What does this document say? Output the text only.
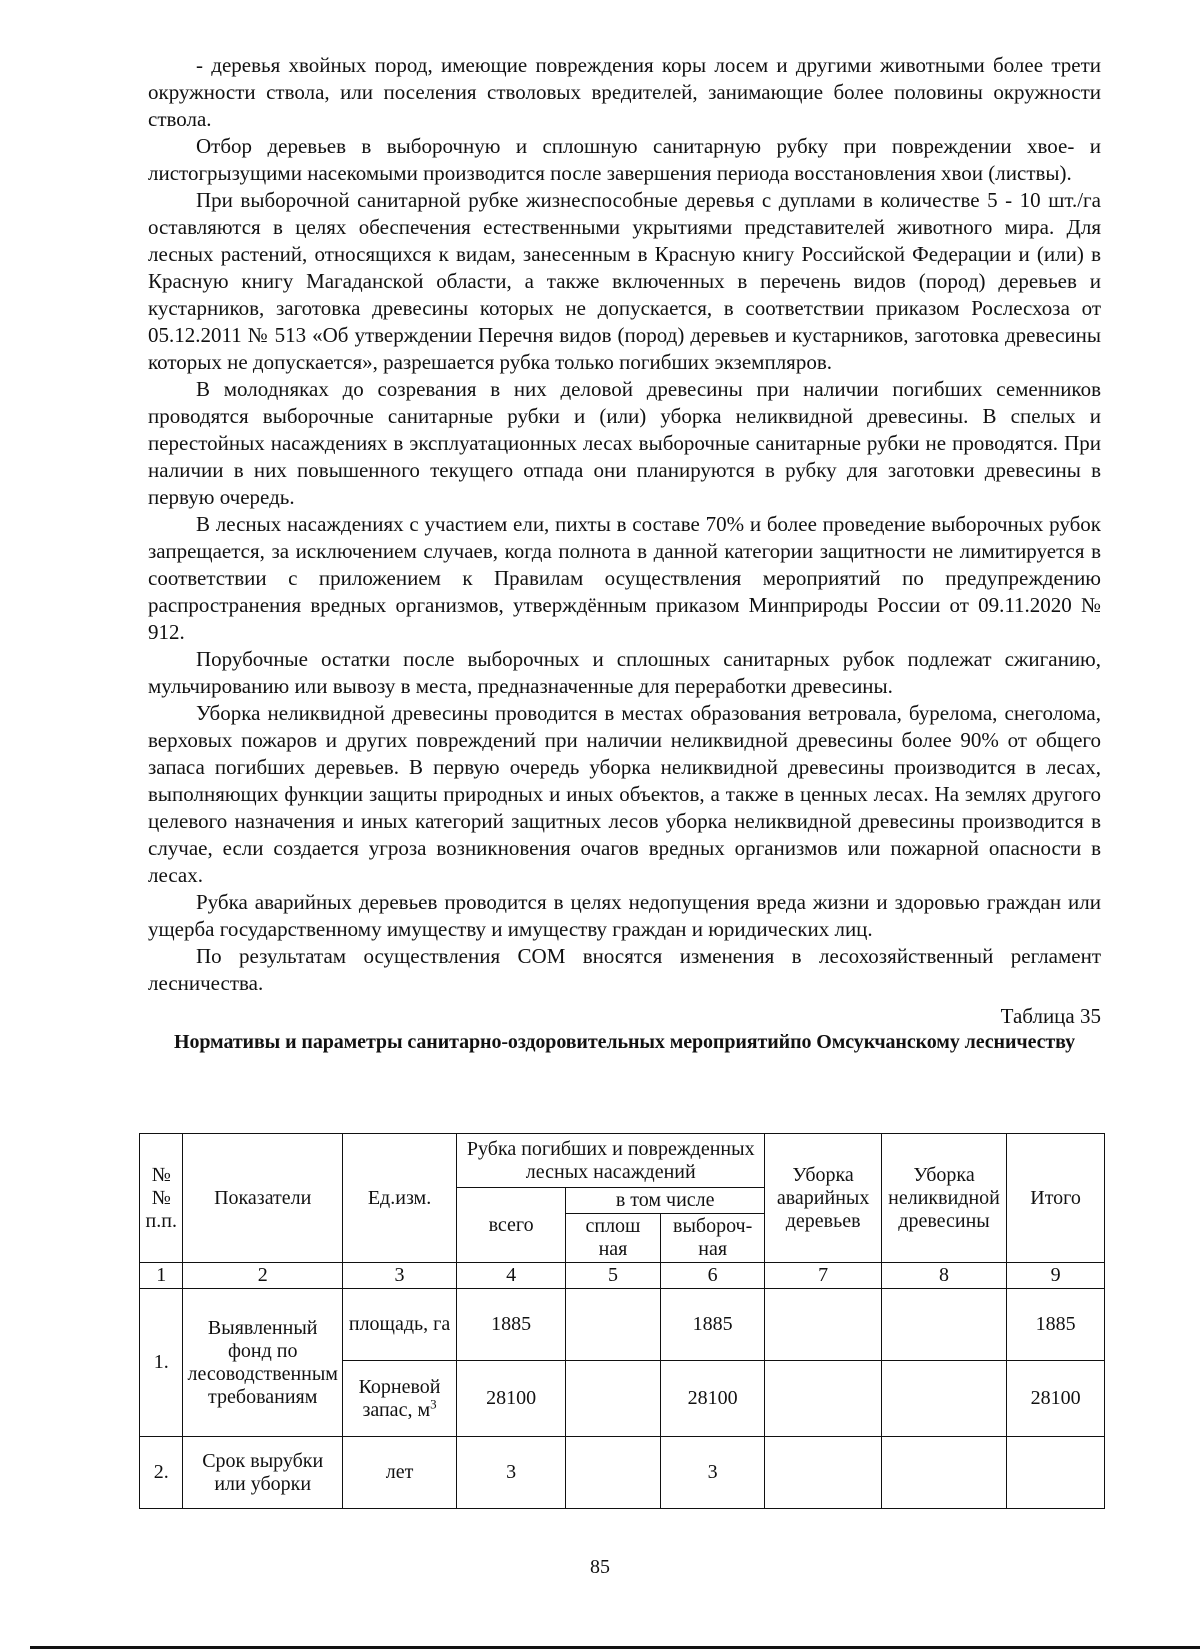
- деревья хвойных пород, имеющие повреждения коры лосем и другими животными более трети окружности ствола, или поселения стволовых вредителей, занимающие более половины окружности ствола.

Отбор деревьев в выборочную и сплошную санитарную рубку при повреждении хвое- и листогрызущими насекомыми производится после завершения периода восстановления хвои (листвы).

При выборочной санитарной рубке жизнеспособные деревья с дуплами в количестве 5 - 10 шт./га оставляются в целях обеспечения естественными укрытиями представителей животного мира. Для лесных растений, относящихся к видам, занесенным в Красную книгу Российской Федерации и (или) в Красную книгу Магаданской области, а также включенных в перечень видов (пород) деревьев и кустарников, заготовка древесины которых не допускается, в соответствии приказом Рослесхоза от 05.12.2011 № 513 «Об утверждении Перечня видов (пород) деревьев и кустарников, заготовка древесины которых не допускается», разрешается рубка только погибших экземпляров.

В молодняках до созревания в них деловой древесины при наличии погибших семенников проводятся выборочные санитарные рубки и (или) уборка неликвидной древесины. В спелых и перестойных насаждениях в эксплуатационных лесах выборочные санитарные рубки не проводятся. При наличии в них повышенного текущего отпада они планируются в рубку для заготовки древесины в первую очередь.

В лесных насаждениях с участием ели, пихты в составе 70% и более проведение выборочных рубок запрещается, за исключением случаев, когда полнота в данной категории защитности не лимитируется в соответствии с приложением к Правилам осуществления мероприятий по предупреждению распространения вредных организмов, утверждённым приказом Минприроды России от 09.11.2020 № 912.

Порубочные остатки после выборочных и сплошных санитарных рубок подлежат сжиганию, мульчированию или вывозу в места, предназначенные для переработки древесины.

Уборка неликвидной древесины проводится в местах образования ветровала, бурелома, снеголома, верховых пожаров и других повреждений при наличии неликвидной древесины более 90% от общего запаса погибших деревьев. В первую очередь уборка неликвидной древесины производится в лесах, выполняющих функции защиты природных и иных объектов, а также в ценных лесах. На землях другого целевого назначения и иных категорий защитных лесов уборка неликвидной древесины производится в случае, если создается угроза возникновения очагов вредных организмов или пожарной опасности в лесах.

Рубка аварийных деревьев проводится в целях недопущения вреда жизни и здоровью граждан или ущерба государственному имуществу и имуществу граждан и юридических лиц.

По результатам осуществления СОМ вносятся изменения в лесохозяйственный регламент лесничества.

Таблица 35

Нормативы и параметры санитарно-оздоровительных мероприятийпо Омсукчанскому лесничеству

№ № п.п.	Показатели	Ед.изм.	Рубка погибших и поврежденных лесных насаждений			Уборка аварийных деревьев	Уборка неликвидной древесины	Итого
			всего	в том числе				
				сплош ная	выбороч- ная			
1	2	3	4	5	6	7	8	9
1.	Выявленный фонд по лесоводственным требованиям	площадь, га	1885		1885			1885
		Корневой запас, $м^3$	28100		28100			28100
2.	Срок вырубки или уборки	лет	3		3			
85
